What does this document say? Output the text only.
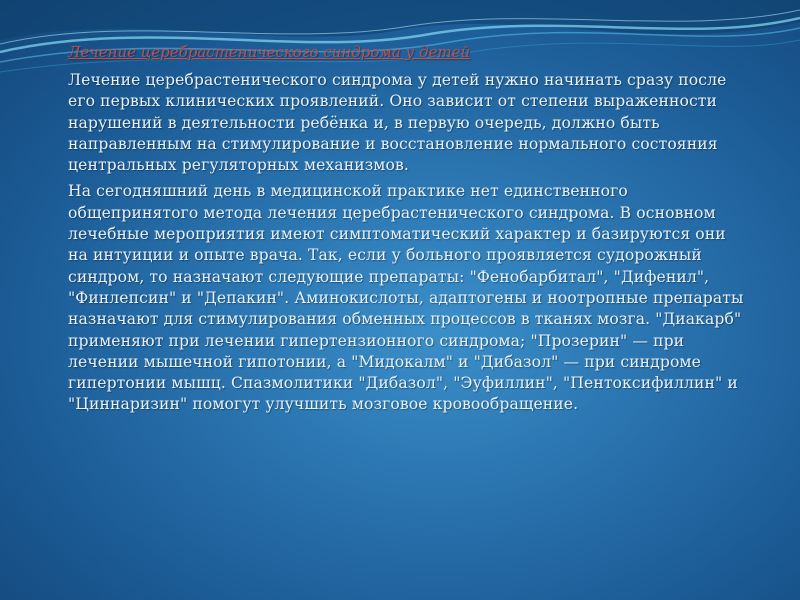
Лечение церебрастенического синдрома у детей

Лечение церебрастенического синдрома у детей нужно начинать сразу после его первых клинических проявлений. Оно зависит от степени выраженности нарушений в деятельности ребёнка и, в первую очередь, должно быть направленным на стимулирование и восстановление нормального состояния центральных регуляторных механизмов.

На сегодняшний день в медицинской практике нет единственного общепринятого метода лечения церебрастенического синдрома. В основном лечебные мероприятия имеют симптоматический характер и базируются они на интуиции и опыте врача. Так, если у больного проявляется судорожный синдром, то назначают следующие препараты: "Фенобарбитал", "Дифенил", "Финлепсин" и "Депакин". Аминокислоты, адаптогены и ноотропные препараты назначают для стимулирования обменных процессов в тканях мозга. "Диакарб" применяют при лечении гипертензионного синдрома; "Прозерин" — при лечении мышечной гипотонии, а "Мидокалм" и "Дибазол" — при синдроме гипертонии мышц. Спазмолитики "Дибазол", "Эуфиллин", "Пентоксифиллин" и "Циннаризин" помогут улучшить мозговое кровообращение.
